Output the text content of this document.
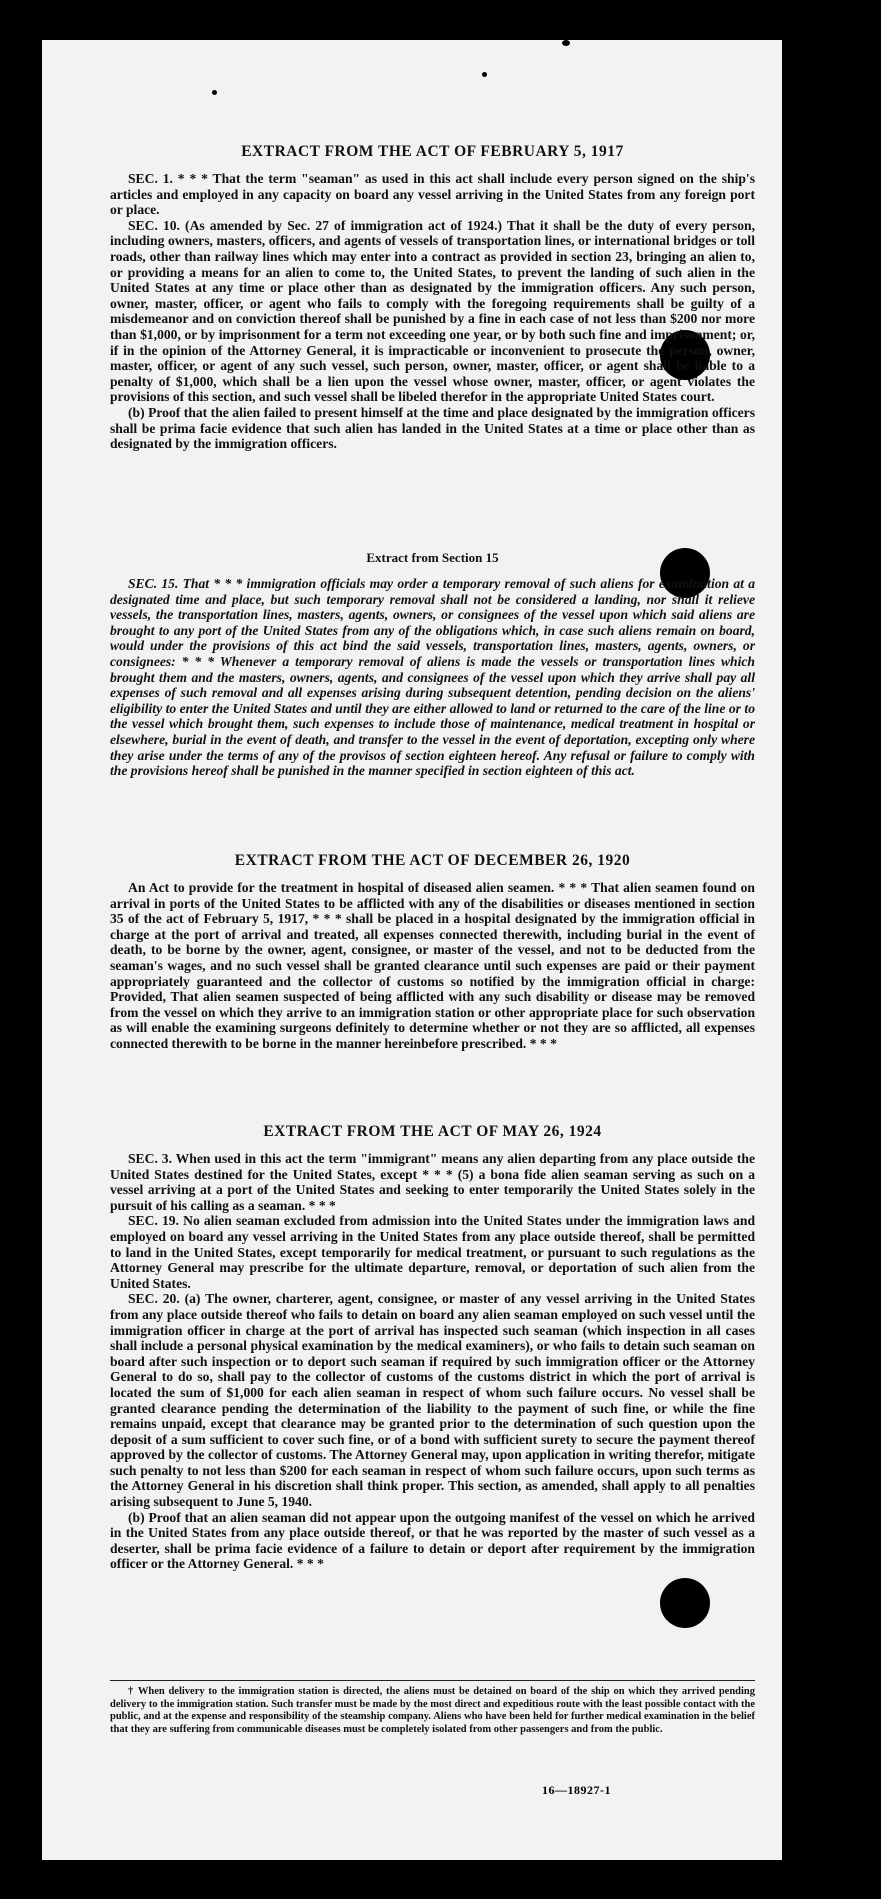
EXTRACT FROM THE ACT OF FEBRUARY 5, 1917

SEC. 1. * * * That the term "seaman" as used in this act shall include every person signed on the ship's articles and employed in any capacity on board any vessel arriving in the United States from any foreign port or place.

SEC. 10. (As amended by Sec. 27 of immigration act of 1924.) That it shall be the duty of every person, including owners, masters, officers, and agents of vessels of transportation lines, or international bridges or toll roads, other than railway lines which may enter into a contract as provided in section 23, bringing an alien to, or providing a means for an alien to come to, the United States, to prevent the landing of such alien in the United States at any time or place other than as designated by the immigration officers. Any such person, owner, master, officer, or agent who fails to comply with the foregoing requirements shall be guilty of a misdemeanor and on conviction thereof shall be punished by a fine in each case of not less than $200 nor more than $1,000, or by imprisonment for a term not exceeding one year, or by both such fine and imprisonment; or, if in the opinion of the Attorney General, it is impracticable or inconvenient to prosecute the person, owner, master, officer, or agent of any such vessel, such person, owner, master, officer, or agent shall be liable to a penalty of $1,000, which shall be a lien upon the vessel whose owner, master, officer, or agent violates the provisions of this section, and such vessel shall be libeled therefor in the appropriate United States court.

(b) Proof that the alien failed to present himself at the time and place designated by the immigration officers shall be prima facie evidence that such alien has landed in the United States at a time or place other than as designated by the immigration officers.

Extract from Section 15

SEC. 15. That * * * immigration officials may order a temporary removal of such aliens for examination at a designated time and place, but such temporary removal shall not be considered a landing, nor shall it relieve vessels, the transportation lines, masters, agents, owners, or consignees of the vessel upon which said aliens are brought to any port of the United States from any of the obligations which, in case such aliens remain on board, would under the provisions of this act bind the said vessels, transportation lines, masters, agents, owners, or consignees: * * * Whenever a temporary removal of aliens is made the vessels or transportation lines which brought them and the masters, owners, agents, and consignees of the vessel upon which they arrive shall pay all expenses of such removal and all expenses arising during subsequent detention, pending decision on the aliens' eligibility to enter the United States and until they are either allowed to land or returned to the care of the line or to the vessel which brought them, such expenses to include those of maintenance, medical treatment in hospital or elsewhere, burial in the event of death, and transfer to the vessel in the event of deportation, excepting only where they arise under the terms of any of the provisos of section eighteen hereof. Any refusal or failure to comply with the provisions hereof shall be punished in the manner specified in section eighteen of this act.

EXTRACT FROM THE ACT OF DECEMBER 26, 1920

An Act to provide for the treatment in hospital of diseased alien seamen. * * * That alien seamen found on arrival in ports of the United States to be afflicted with any of the disabilities or diseases mentioned in section 35 of the act of February 5, 1917, * * * shall be placed in a hospital designated by the immigration official in charge at the port of arrival and treated, all expenses connected therewith, including burial in the event of death, to be borne by the owner, agent, consignee, or master of the vessel, and not to be deducted from the seaman's wages, and no such vessel shall be granted clearance until such expenses are paid or their payment appropriately guaranteed and the collector of customs so notified by the immigration official in charge: Provided, That alien seamen suspected of being afflicted with any such disability or disease may be removed from the vessel on which they arrive to an immigration station or other appropriate place for such observation as will enable the examining surgeons definitely to determine whether or not they are so afflicted, all expenses connected therewith to be borne in the manner hereinbefore prescribed. * * *

EXTRACT FROM THE ACT OF MAY 26, 1924

SEC. 3. When used in this act the term "immigrant" means any alien departing from any place outside the United States destined for the United States, except * * * (5) a bona fide alien seaman serving as such on a vessel arriving at a port of the United States and seeking to enter temporarily the United States solely in the pursuit of his calling as a seaman. * * *

SEC. 19. No alien seaman excluded from admission into the United States under the immigration laws and employed on board any vessel arriving in the United States from any place outside thereof, shall be permitted to land in the United States, except temporarily for medical treatment, or pursuant to such regulations as the Attorney General may prescribe for the ultimate departure, removal, or deportation of such alien from the United States.

SEC. 20. (a) The owner, charterer, agent, consignee, or master of any vessel arriving in the United States from any place outside thereof who fails to detain on board any alien seaman employed on such vessel until the immigration officer in charge at the port of arrival has inspected such seaman (which inspection in all cases shall include a personal physical examination by the medical examiners), or who fails to detain such seaman on board after such inspection or to deport such seaman if required by such immigration officer or the Attorney General to do so, shall pay to the collector of customs of the customs district in which the port of arrival is located the sum of $1,000 for each alien seaman in respect of whom such failure occurs. No vessel shall be granted clearance pending the determination of the liability to the payment of such fine, or while the fine remains unpaid, except that clearance may be granted prior to the determination of such question upon the deposit of a sum sufficient to cover such fine, or of a bond with sufficient surety to secure the payment thereof approved by the collector of customs. The Attorney General may, upon application in writing therefor, mitigate such penalty to not less than $200 for each seaman in respect of whom such failure occurs, upon such terms as the Attorney General in his discretion shall think proper. This section, as amended, shall apply to all penalties arising subsequent to June 5, 1940.

(b) Proof that an alien seaman did not appear upon the outgoing manifest of the vessel on which he arrived in the United States from any place outside thereof, or that he was reported by the master of such vessel as a deserter, shall be prima facie evidence of a failure to detain or deport after requirement by the immigration officer or the Attorney General. * * *

† When delivery to the immigration station is directed, the aliens must be detained on board of the ship on which they arrived pending delivery to the immigration station. Such transfer must be made by the most direct and expeditious route with the least possible contact with the public, and at the expense and responsibility of the steamship company. Aliens who have been held for further medical examination in the belief that they are suffering from communicable diseases must be completely isolated from other passengers and from the public.

16—18927-1
